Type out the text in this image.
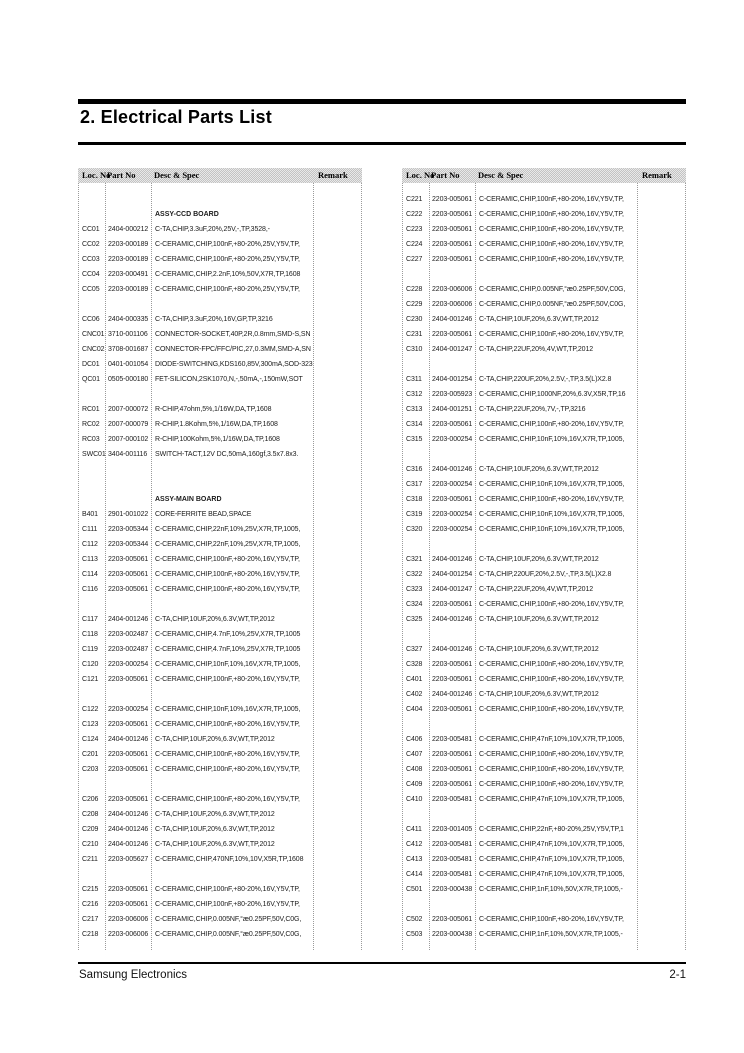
2. Electrical Parts List
Loc. No
Part No Desc & Spec	Remark
ASSY-CCD BOARD
CC01	2404-000212 C-TA,CHIP,3.3uF,20%,25V,-,TP,3528,-
CC02	2203-000189 C-CERAMIC,CHIP,100nF,+80-20%,25V,Y5V,TP,
CC03	2203-000189 C-CERAMIC,CHIP,100nF,+80-20%,25V,Y5V,TP,
CC04	2203-000491 C-CERAMIC,CHIP,2.2nF,10%,50V,X7R,TP,1608
CC05	2203-000189 C-CERAMIC,CHIP,100nF,+80-20%,25V,Y5V,TP,
CC06	2404-000335 C-TA,CHIP,3.3uF,20%,16V,GP,TP,3216
CNC01 3710-001106	CONNECTOR-SOCKET,40P,2R,0.8mm,SMD-S,SN
CNC02 3708-001687 CONNECTOR-FPC/FFC/PIC,27,0.3MM,SMD-A,SN
DC01	0401-001054 DIODE-SWITCHING,KDS160,85V,300mA,SOD-323
QC01	0505-000180 FET-SILICON,2SK1070,N,-,50mA,-,150mW,SOT
RC01	2007-000072 R-CHIP,47ohm,5%,1/16W,DA,TP,1608
RC02	2007-000079 R-CHIP,1.8Kohm,5%,1/16W,DA,TP,1608
RC03	2007-000102 R-CHIP,100Kohm,5%,1/16W,DA,TP,1608
SWC01 3404-001116	SWITCH-TACT,12V DC,50mA,160gf,3.5x7.8x3.
ASSY-MAIN BOARD
B401	2901-001022 CORE-FERRITE BEAD,SPACE
C111	2203-005344 C-CERAMIC,CHIP,22nF,10%,25V,X7R,TP,1005,
C112	2203-005344 C-CERAMIC,CHIP,22nF,10%,25V,X7R,TP,1005,
C113	2203-005061 C-CERAMIC,CHIP,100nF,+80-20%,16V,Y5V,TP,
C114	2203-005061 C-CERAMIC,CHIP,100nF,+80-20%,16V,Y5V,TP,
C116	2203-005061 C-CERAMIC,CHIP,100nF,+80-20%,16V,Y5V,TP,
C117	2404-001246 C-TA,CHIP,10UF,20%,6.3V,WT,TP,2012
C118	2203-002487 C-CERAMIC,CHIP,4.7nF,10%,25V,X7R,TP,1005
C119	2203-002487 C-CERAMIC,CHIP,4.7nF,10%,25V,X7R,TP,1005
C120	2203-000254 C-CERAMIC,CHIP,10nF,10%,16V,X7R,TP,1005,
C121	2203-005061 C-CERAMIC,CHIP,100nF,+80-20%,16V,Y5V,TP,
C122	2203-000254 C-CERAMIC,CHIP,10nF,10%,16V,X7R,TP,1005,
C123	2203-005061 C-CERAMIC,CHIP,100nF,+80-20%,16V,Y5V,TP,
C124	2404-001246 C-TA,CHIP,10UF,20%,6.3V,WT,TP,2012
C201	2203-005061 C-CERAMIC,CHIP,100nF,+80-20%,16V,Y5V,TP,
C203	2203-005061 C-CERAMIC,CHIP,100nF,+80-20%,16V,Y5V,TP,
C206	2203-005061 C-CERAMIC,CHIP,100nF,+80-20%,16V,Y5V,TP,
C208	2404-001246 C-TA,CHIP,10UF,20%,6.3V,WT,TP,2012
C209	2404-001246 C-TA,CHIP,10UF,20%,6.3V,WT,TP,2012
C210	2404-001246 C-TA,CHIP,10UF,20%,6.3V,WT,TP,2012
C211	2203-005627 C-CERAMIC,CHIP,470NF,10%,10V,X5R,TP,1608
C215	2203-005061 C-CERAMIC,CHIP,100nF,+80-20%,16V,Y5V,TP,
C216	2203-005061 C-CERAMIC,CHIP,100nF,+80-20%,16V,Y5V,TP,
C217	2203-006006 C-CERAMIC,CHIP,0.005NF,°æ0.25PF,50V,C0G,
C218	2203-006006 C-CERAMIC,CHIP,0.005NF,°æ0.25PF,50V,C0G,
Loc. No
Part No Desc & Spec	Remark
C221	2203-005061 C-CERAMIC,CHIP,100nF,+80-20%,16V,Y5V,TP,
C222	2203-005061 C-CERAMIC,CHIP,100nF,+80-20%,16V,Y5V,TP,
C223	2203-005061 C-CERAMIC,CHIP,100nF,+80-20%,16V,Y5V,TP,
C224	2203-005061 C-CERAMIC,CHIP,100nF,+80-20%,16V,Y5V,TP,
C227	2203-005061 C-CERAMIC,CHIP,100nF,+80-20%,16V,Y5V,TP,
C228	2203-006006 C-CERAMIC,CHIP,0.005NF,°æ0.25PF,50V,C0G,
C229	2203-006006 C-CERAMIC,CHIP,0.005NF,°æ0.25PF,50V,C0G,
C230	2404-001246 C-TA,CHIP,10UF,20%,6.3V,WT,TP,2012
C231	2203-005061 C-CERAMIC,CHIP,100nF,+80-20%,16V,Y5V,TP,
C310	2404-001247 C-TA,CHIP,22UF,20%,4V,WT,TP,2012
C311	2404-001254 C-TA,CHIP,220UF,20%,2.5V,-,TP,3.5(L)X2.8
C312	2203-005923 C-CERAMIC,CHIP,1000NF,20%,6.3V,X5R,TP,16
C313	2404-001251 C-TA,CHIP,22UF,20%,7V,-,TP,3216
C314	2203-005061 C-CERAMIC,CHIP,100nF,+80-20%,16V,Y5V,TP,
C315	2203-000254 C-CERAMIC,CHIP,10nF,10%,16V,X7R,TP,1005,
C316	2404-001246 C-TA,CHIP,10UF,20%,6.3V,WT,TP,2012
C317	2203-000254 C-CERAMIC,CHIP,10nF,10%,16V,X7R,TP,1005,
C318	2203-005061 C-CERAMIC,CHIP,100nF,+80-20%,16V,Y5V,TP,
C319	2203-000254 C-CERAMIC,CHIP,10nF,10%,16V,X7R,TP,1005,
C320	2203-000254 C-CERAMIC,CHIP,10nF,10%,16V,X7R,TP,1005,
C321	2404-001246 C-TA,CHIP,10UF,20%,6.3V,WT,TP,2012
C322	2404-001254 C-TA,CHIP,220UF,20%,2.5V,-,TP,3.5(L)X2.8
C323	2404-001247 C-TA,CHIP,22UF,20%,4V,WT,TP,2012
C324	2203-005061 C-CERAMIC,CHIP,100nF,+80-20%,16V,Y5V,TP,
C325	2404-001246 C-TA,CHIP,10UF,20%,6.3V,WT,TP,2012
C327	2404-001246 C-TA,CHIP,10UF,20%,6.3V,WT,TP,2012
C328	2203-005061 C-CERAMIC,CHIP,100nF,+80-20%,16V,Y5V,TP,
C401	2203-005061 C-CERAMIC,CHIP,100nF,+80-20%,16V,Y5V,TP,
C402	2404-001246 C-TA,CHIP,10UF,20%,6.3V,WT,TP,2012
C404	2203-005061 C-CERAMIC,CHIP,100nF,+80-20%,16V,Y5V,TP,
C406	2203-005481 C-CERAMIC,CHIP,47nF,10%,10V,X7R,TP,1005,
C407	2203-005061 C-CERAMIC,CHIP,100nF,+80-20%,16V,Y5V,TP,
C408	2203-005061 C-CERAMIC,CHIP,100nF,+80-20%,16V,Y5V,TP,
C409	2203-005061 C-CERAMIC,CHIP,100nF,+80-20%,16V,Y5V,TP,
C410	2203-005481 C-CERAMIC,CHIP,47nF,10%,10V,X7R,TP,1005,
C411	2203-001405 C-CERAMIC,CHIP,22nF,+80-20%,25V,Y5V,TP,1
C412	2203-005481 C-CERAMIC,CHIP,47nF,10%,10V,X7R,TP,1005,
C413	2203-005481 C-CERAMIC,CHIP,47nF,10%,10V,X7R,TP,1005,
C414	2203-005481 C-CERAMIC,CHIP,47nF,10%,10V,X7R,TP,1005,
C501	2203-000438 C-CERAMIC,CHIP,1nF,10%,50V,X7R,TP,1005,-
C502	2203-005061 C-CERAMIC,CHIP,100nF,+80-20%,16V,Y5V,TP,
C503	2203-000438 C-CERAMIC,CHIP,1nF,10%,50V,X7R,TP,1005,-
Samsung Electronics	2-1
